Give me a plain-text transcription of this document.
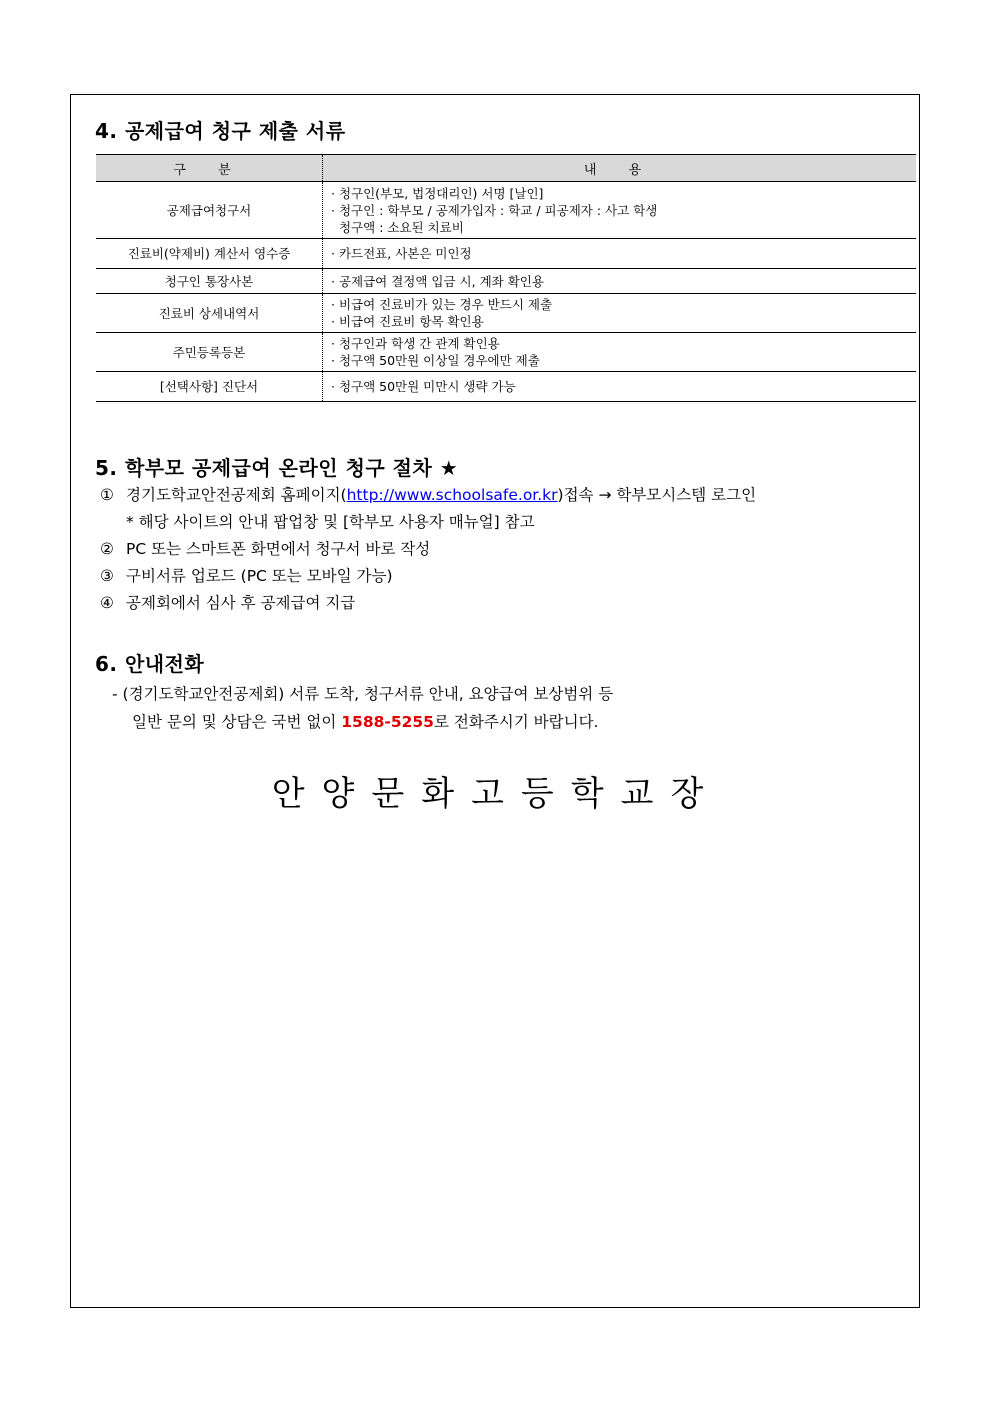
4. 공제급여 청구 제출 서류
구 분	내 용
공제급여청구서	· 청구인(부모, 법정대리인) 서명 [날인]
· 청구인 : 학부모 / 공제가입자 : 학교 / 피공제자 : 사고 학생
청구액 : 소요된 치료비

진료비(약제비) 계산서 영수증	· 카드전표, 사본은 미인정

청구인 통장사본	· 공제급여 결정액 입금 시, 계좌 확인용

진료비 상세내역서	· 비급여 진료비가 있는 경우 반드시 제출
· 비급여 진료비 항목 확인용

주민등록등본	· 청구인과 학생 간 관계 확인용
· 청구액 50만원 이상일 경우에만 제출

[선택사항] 진단서	· 청구액 50만원 미만시 생략 가능
5. 학부모 공제급여 온라인 청구 절차 ★
① 경기도학교안전공제회 홈페이지(http://www.schoolsafe.or.kr)접속 → 학부모시스템 로그인
* 해당 사이트의 안내 팝업창 및 [학부모 사용자 매뉴얼] 참고
② PC 또는 스마트폰 화면에서 청구서 바로 작성
③ 구비서류 업로드 (PC 또는 모바일 가능)
④ 공제회에서 심사 후 공제급여 지급
6. 안내전화
- (경기도학교안전공제회) 서류 도착, 청구서류 안내, 요양급여 보상범위 등
일반 문의 및 상담은 국번 없이 1588-5255로 전화주시기 바랍니다.
안양문화고등학교장
